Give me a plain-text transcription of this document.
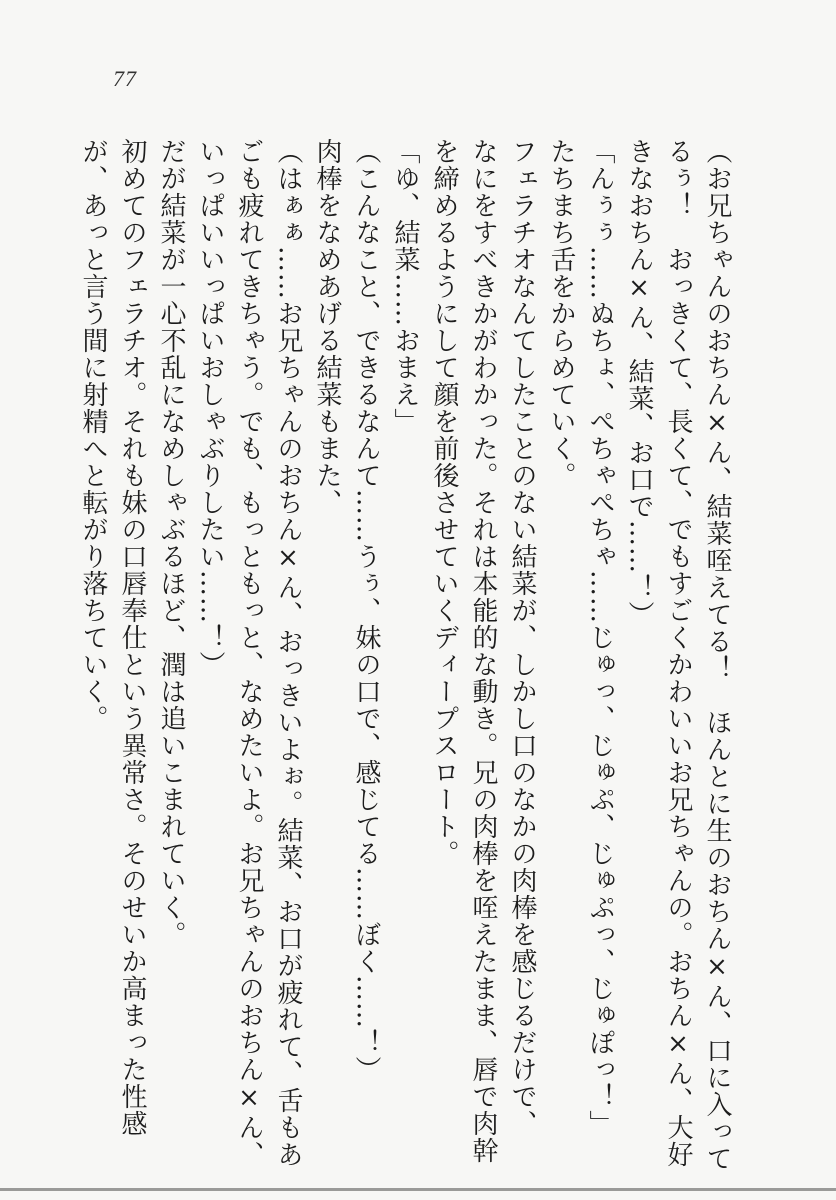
77
（お兄ちゃんのおちん×ん、結菜咥えてる！　ほんとに生のおちん×ん、口に入って
るぅ！　おっきくて、長くて、でもすごくかわいいお兄ちゃんの。おちん×ん、大好
きなおちん×ん、結菜、お口で……！）
「んぅぅ……ぬちょ、ぺちゃぺちゃ……じゅっ、じゅぷ、じゅぷっ、じゅぽっ！」
たちまち舌をからめていく。
フェラチオなんてしたことのない結菜が、しかし口のなかの肉棒を感じるだけで、
なにをすべきかがわかった。それは本能的な動き。兄の肉棒を咥えたまま、唇で肉幹
を締めるようにして顔を前後させていくディープスロート。
「ゆ、結菜……おまえ」
（こんなこと、できるなんて……うぅ、妹の口で、感じてる……ぼく……！）
肉棒をなめあげる結菜もまた、
（はぁぁ……お兄ちゃんのおちん×ん、おっきいよぉ。結菜、お口が疲れて、舌もあ
ごも疲れてきちゃう。でも、もっともっと、なめたいよ。お兄ちゃんのおちん×ん、
いっぱいいっぱいおしゃぶりしたい……！）
だが結菜が一心不乱になめしゃぶるほど、潤は追いこまれていく。
初めてのフェラチオ。それも妹の口唇奉仕という異常さ。そのせいか高まった性感
が、あっと言う間に射精へと転がり落ちていく。
